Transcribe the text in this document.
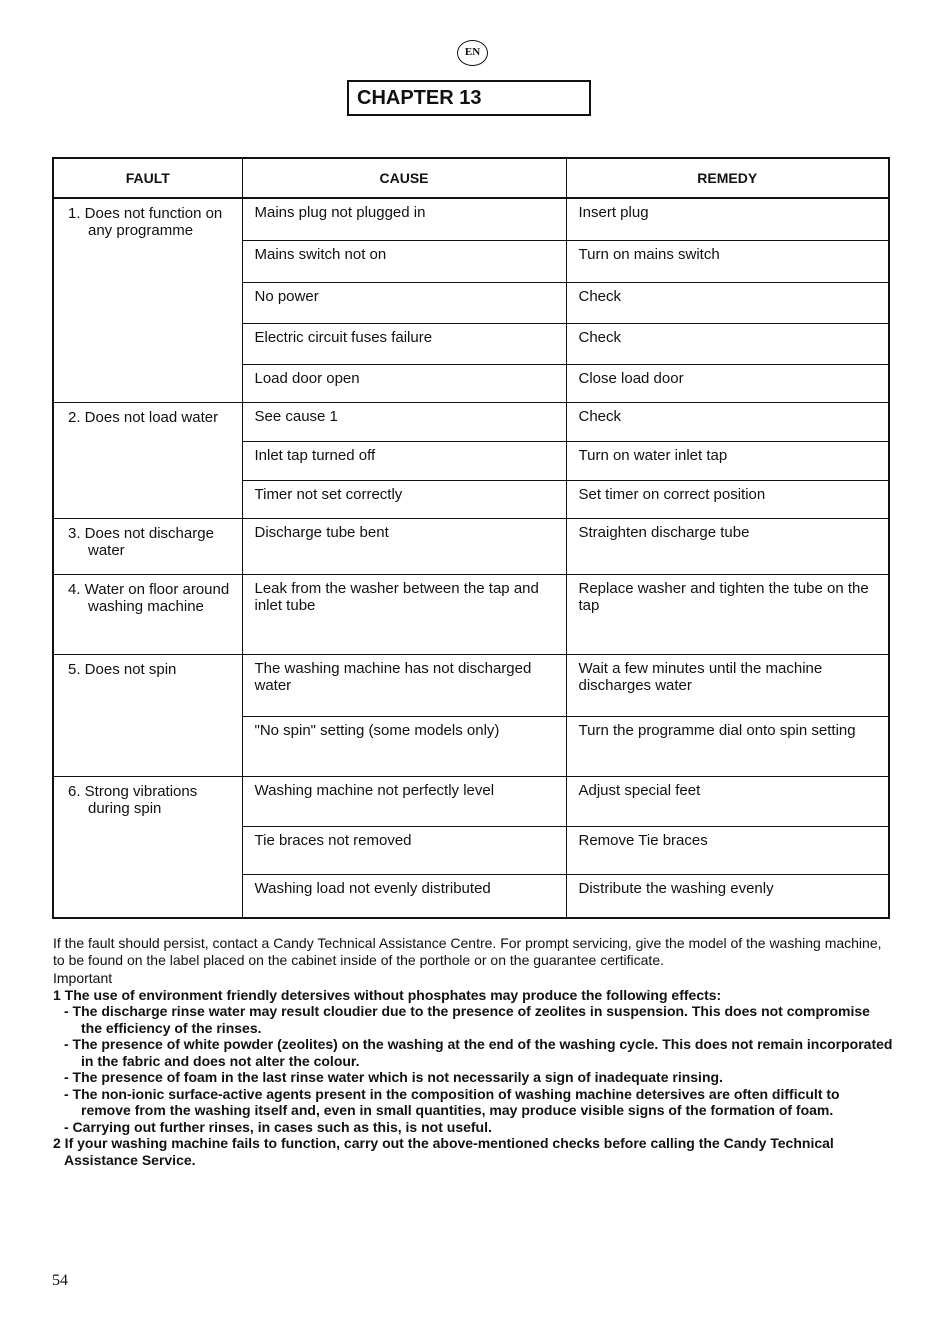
EN
CHAPTER 13
FAULT	CAUSE	REMEDY

1. Does not function on any programme	Mains plug not plugged in	Insert plug
	Mains switch not on	Turn on mains switch
	No power	Check
	Electric circuit fuses failure	Check
	Load door open	Close load door

2. Does not load water	See cause 1	Check
	Inlet tap turned off	Turn on water inlet tap
	Timer not set correctly	Set timer on correct position

3. Does not discharge water	Discharge tube bent	Straighten discharge tube

4. Water on floor around washing machine	Leak from the washer between the tap and inlet tube	Replace washer and tighten the tube on the tap

5. Does not spin	The washing machine has not discharged water	Wait a few minutes until the machine discharges water
	"No spin" setting (some models only)	Turn the programme dial onto spin setting

6. Strong vibrations during spin	Washing machine not perfectly level	Adjust special feet
	Tie braces not removed	Remove Tie braces
	Washing load not evenly distributed	Distribute the washing evenly

If the fault should persist, contact a Candy Technical Assistance Centre. For prompt servicing, give the model of the washing machine, to be found on the label placed on the cabinet inside of the porthole or on the guarantee certificate.

Important

1 The use of environment friendly detersives without phosphates may produce the following effects:

- The discharge rinse water may result cloudier due to the presence of zeolites in suspension. This does not compromise the efficiency of the rinses.

- The presence of white powder (zeolites) on the washing at the end of the washing cycle. This does not remain incorporated in the fabric and does not alter the colour.

- The presence of foam in the last rinse water which is not necessarily a sign of inadequate rinsing.

- The non-ionic surface-active agents present in the composition of washing machine detersives are often difficult to remove from the washing itself and, even in small quantities, may produce visible signs of the formation of foam.

- Carrying out further rinses, in cases such as this, is not useful.

2 If your washing machine fails to function, carry out the above-mentioned checks before calling the Candy Technical Assistance Service.

54
